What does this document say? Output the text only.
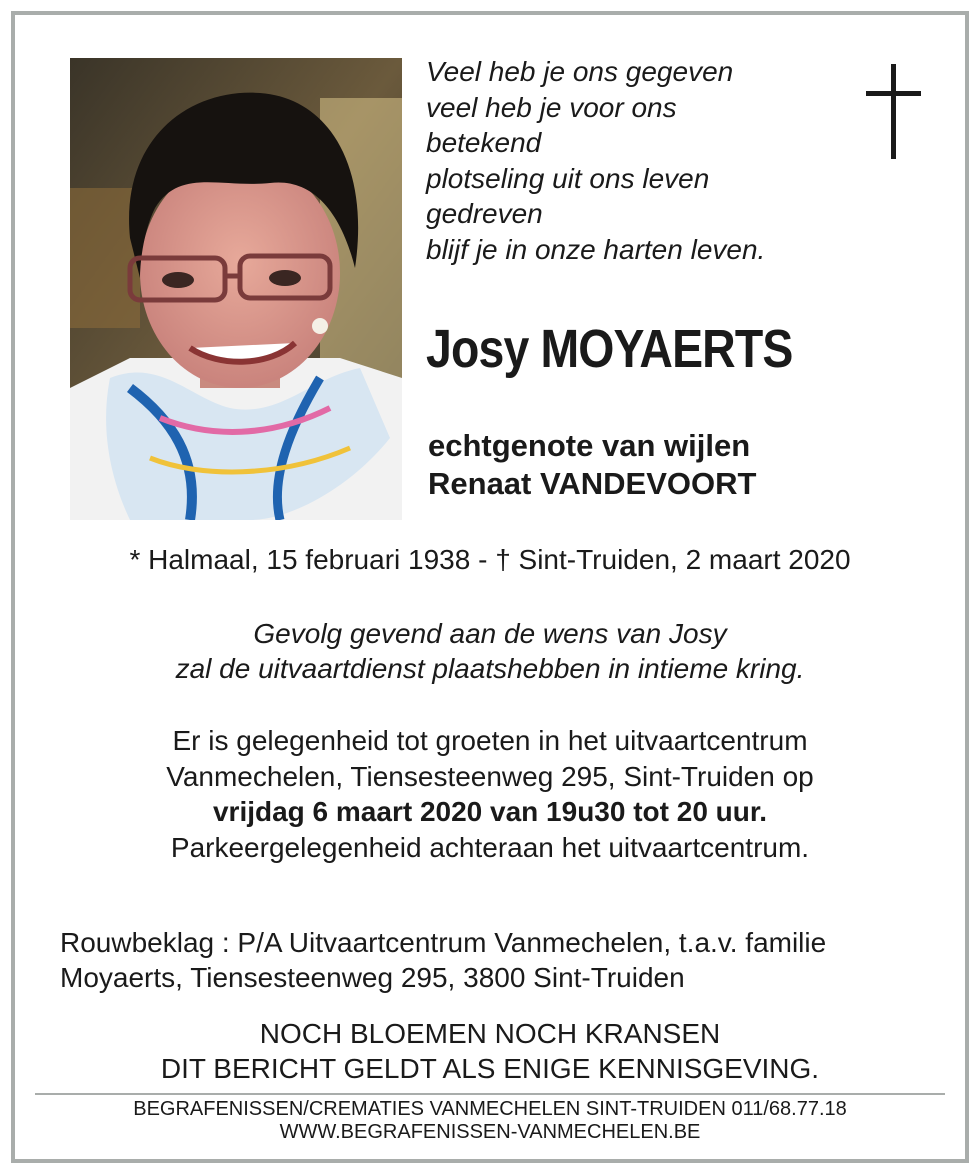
Veel heb je ons gegeven
veel heb je voor ons
betekend
plotseling uit ons leven
gedreven
blijf je in onze harten leven.
Josy MOYAERTS
echtgenote van wijlen
Renaat VANDEVOORT
* Halmaal, 15 februari 1938 - † Sint-Truiden, 2 maart 2020
Gevolg gevend aan de wens van Josy
zal de uitvaartdienst plaatshebben in intieme kring.
Er is gelegenheid tot groeten in het uitvaartcentrum
Vanmechelen, Tiensesteenweg 295, Sint-Truiden op
vrijdag 6 maart 2020 van 19u30 tot 20 uur.
Parkeergelegenheid achteraan het uitvaartcentrum.
Rouwbeklag : P/A Uitvaartcentrum Vanmechelen, t.a.v. familie
Moyaerts, Tiensesteenweg 295, 3800 Sint-Truiden
NOCH BLOEMEN NOCH KRANSEN
DIT BERICHT GELDT ALS ENIGE KENNISGEVING.
BEGRAFENISSEN/CREMATIES VANMECHELEN SINT-TRUIDEN 011/68.77.18
WWW.BEGRAFENISSEN-VANMECHELEN.BE
